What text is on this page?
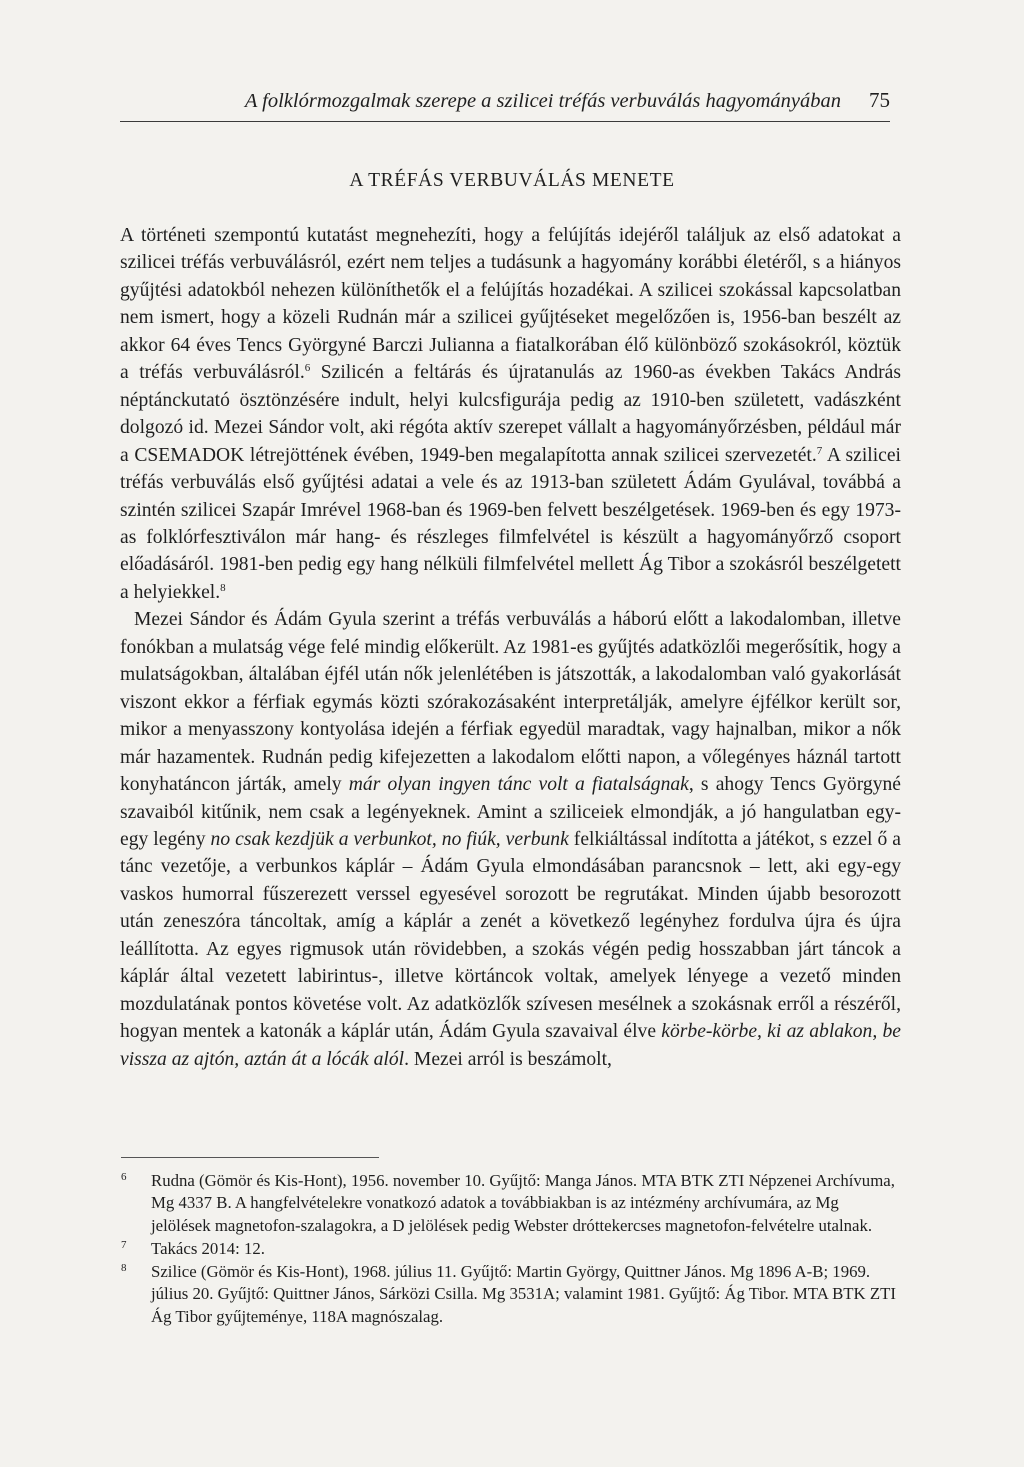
A folklórmozgalmak szerepe a szilicei tréfás verbuválás hagyományában 75
A TRÉFÁS VERBUVÁLÁS MENETE

A történeti szempontú kutatást megnehezíti, hogy a felújítás idejéről találjuk az első adatokat a szilicei tréfás verbuválásról, ezért nem teljes a tudásunk a hagyomány korábbi életéről, s a hiányos gyűjtési adatokból nehezen különíthetők el a felújítás hozadékai. A szilicei szokással kapcsolatban nem ismert, hogy a közeli Rudnán már a szilicei gyűjtéseket megelőzően is, 1956-ban beszélt az akkor 64 éves Tencs Györgyné Barczi Julianna a fiatalkorában élő különböző szokásokról, köztük a tréfás verbuválásról.$^6$ Szilicén a feltárás és újratanulás az 1960-as években Takács András néptánckutató ösztönzésére indult, helyi kulcsfigurája pedig az 1910-ben született, vadászként dolgozó id. Mezei Sándor volt, aki régóta aktív szerepet vállalt a hagyományőrzésben, például már a CSEMADOK létrejöttének évében, 1949-ben megalapította annak szilicei szervezetét.$^7$ A szilicei tréfás verbuválás első gyűjtési adatai a vele és az 1913-ban született Ádám Gyulával, továbbá a szintén szilicei Szapár Imrével 1968-ban és 1969-ben felvett beszélgetések. 1969-ben és egy 1973-as folklórfesztiválon már hang- és részleges filmfelvétel is készült a hagyományőrző csoport előadásáról. 1981-ben pedig egy hang nélküli filmfelvétel mellett Ág Tibor a szokásról beszélgetett a helyiekkel.$^8$

Mezei Sándor és Ádám Gyula szerint a tréfás verbuválás a háború előtt a lakodalomban, illetve fonókban a mulatság vége felé mindig előkerült. Az 1981-es gyűjtés adatközlői megerősítik, hogy a mulatságokban, általában éjfél után nők jelenlétében is játszották, a lakodalomban való gyakorlását viszont ekkor a férfiak egymás közti szórakozásaként interpretálják, amelyre éjfélkor került sor, mikor a menyasszony kontyolása idején a férfiak egyedül maradtak, vagy hajnalban, mikor a nők már hazamentek. Rudnán pedig kifejezetten a lakodalom előtti napon, a vőlegényes háznál tartott konyhatáncon járták, amely már olyan ingyen tánc volt a fiatalságnak, s ahogy Tencs Györgyné szavaiból kitűnik, nem csak a legényeknek. Amint a sziliceiek elmondják, a jó hangulatban egy-egy legény no csak kezdjük a verbunkot, no fiúk, verbunk felkiáltással indította a játékot, s ezzel ő a tánc vezetője, a verbunkos káplár – Ádám Gyula elmondásában parancsnok – lett, aki egy-egy vaskos humorral fűszerezett verssel egyesével sorozott be regrutákat. Minden újabb besorozott után zeneszóra táncoltak, amíg a káplár a zenét a következő legényhez fordulva újra és újra leállította. Az egyes rigmusok után rövidebben, a szokás végén pedig hosszabban járt táncok a káplár által vezetett labirintus-, illetve körtáncok voltak, amelyek lényege a vezető minden mozdulatának pontos követése volt. Az adatközlők szívesen mesélnek a szokásnak erről a részéről, hogyan mentek a katonák a káplár után, Ádám Gyula szavaival élve körbe-körbe, ki az ablakon, be vissza az ajtón, aztán át a lócák alól. Mezei arról is beszámolt,

6 Rudna (Gömör és Kis-Hont), 1956. november 10. Gyűjtő: Manga János. MTA BTK ZTI Népzenei Archívuma, Mg 4337 B. A hangfelvételekre vonatkozó adatok a továbbiakban is az intézmény archívumára, az Mg jelölések magnetofon-szalagokra, a D jelölések pedig Webster dróttekercses magnetofon-felvételre utalnak.
7 Takács 2014: 12.
8 Szilice (Gömör és Kis-Hont), 1968. július 11. Gyűjtő: Martin György, Quittner János. Mg 1896 A-B; 1969. július 20. Gyűjtő: Quittner János, Sárközi Csilla. Mg 3531A; valamint 1981. Gyűjtő: Ág Tibor. MTA BTK ZTI Ág Tibor gyűjteménye, 118A magnószalag.
